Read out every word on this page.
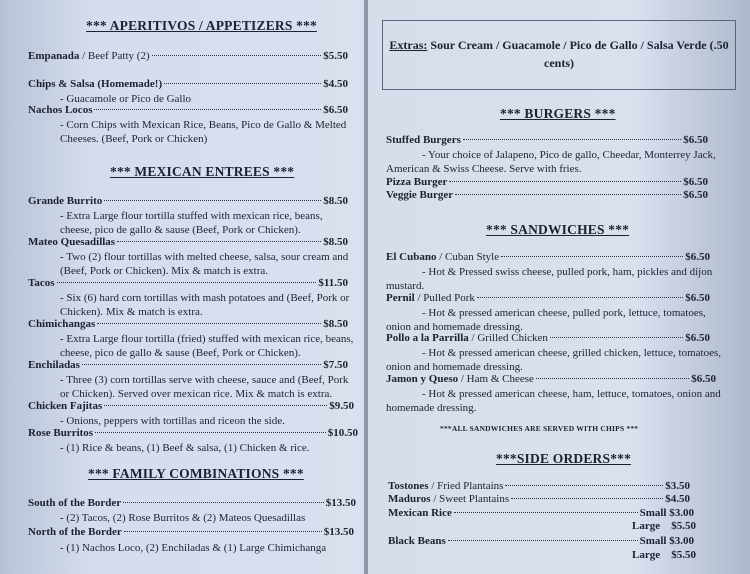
*** APERITIVOS / APPETIZERS ***
Empanada / Beef Patty (2)	$5.50
Chips & Salsa (Homemade!)	$4.50
- Guacamole or Pico de Gallo
Nachos Locos	$6.50
- Corn Chips with Mexican Rice, Beans, Pico de Gallo & Melted Cheeses. (Beef, Pork or Chicken)
*** MEXICAN ENTREES ***
Grande Burrito	$8.50
- Extra Large flour tortilla stuffed with mexican rice, beans, cheese, pico de gallo & sause (Beef, Pork or Chicken).
Mateo Quesadillas	$8.50
- Two (2) flour tortillas with melted cheese, salsa, sour cream and (Beef, Pork or Chicken). Mix & match is extra.
Tacos	$11.50
- Six (6) hard corn tortillas with mash potatoes and (Beef, Pork or Chicken). Mix & match is extra.
Chimichangas	$8.50
- Extra Large flour tortilla (fried) stuffed with mexican rice, beans, cheese, pico de gallo & sause (Beef, Pork or Chicken).
Enchiladas	$7.50
- Three (3) corn tortillas serve with cheese, sauce and (Beef, Pork or Chicken). Served over mexican rice. Mix & match is extra.
Chicken Fajitas	$9.50
- Onions, peppers with tortillas and riceon the side.
Rose Burritos	$10.50
- (1) Rice & beans, (1) Beef & salsa, (1) Chicken & rice.
*** FAMILY COMBINATIONS ***
South of the Border	$13.50
- (2) Tacos, (2) Rose Burritos & (2) Mateos Quesadillas
North of the Border	$13.50
- (1) Nachos Loco, (2) Enchiladas & (1) Large Chimichanga
Extras: Sour Cream / Guacamole / Pico de Gallo / Salsa Verde (.50 cents)
*** BURGERS ***
Stuffed Burgers	$6.50
- Your choice of Jalapeno, Pico de gallo, Cheedar, Monterrey Jack, American & Swiss Cheese. Serve with fries.
Pizza Burger	$6.50
Veggie Burger	$6.50
*** SANDWICHES ***
El Cubano / Cuban Style	$6.50
- Hot & Pressed swiss cheese, pulled pork, ham, pickles and dijon mustard.
Pernil / Pulled Pork	$6.50
- Hot & pressed american cheese, pulled pork, lettuce, tomatoes, onion and homemade dressing.
Pollo a la Parrilla / Grilled Chicken	$6.50
- Hot & pressed american cheese, grilled chicken, lettuce, tomatoes, onion and homemade dressing.
Jamon y Queso / Ham & Cheese	$6.50
- Hot & pressed american cheese, ham, lettuce, tomatoes, onion and homemade dressing.
***ALL SANDWICHES ARE SERVED WITH CHIPS ***
***SIDE ORDERS***
Tostones / Fried Plantains	$3.50
Maduros / Sweet Plantains	$4.50
Mexican Rice	Small $3.00
Large $5.50
Black Beans	Small $3.00
Large $5.50
